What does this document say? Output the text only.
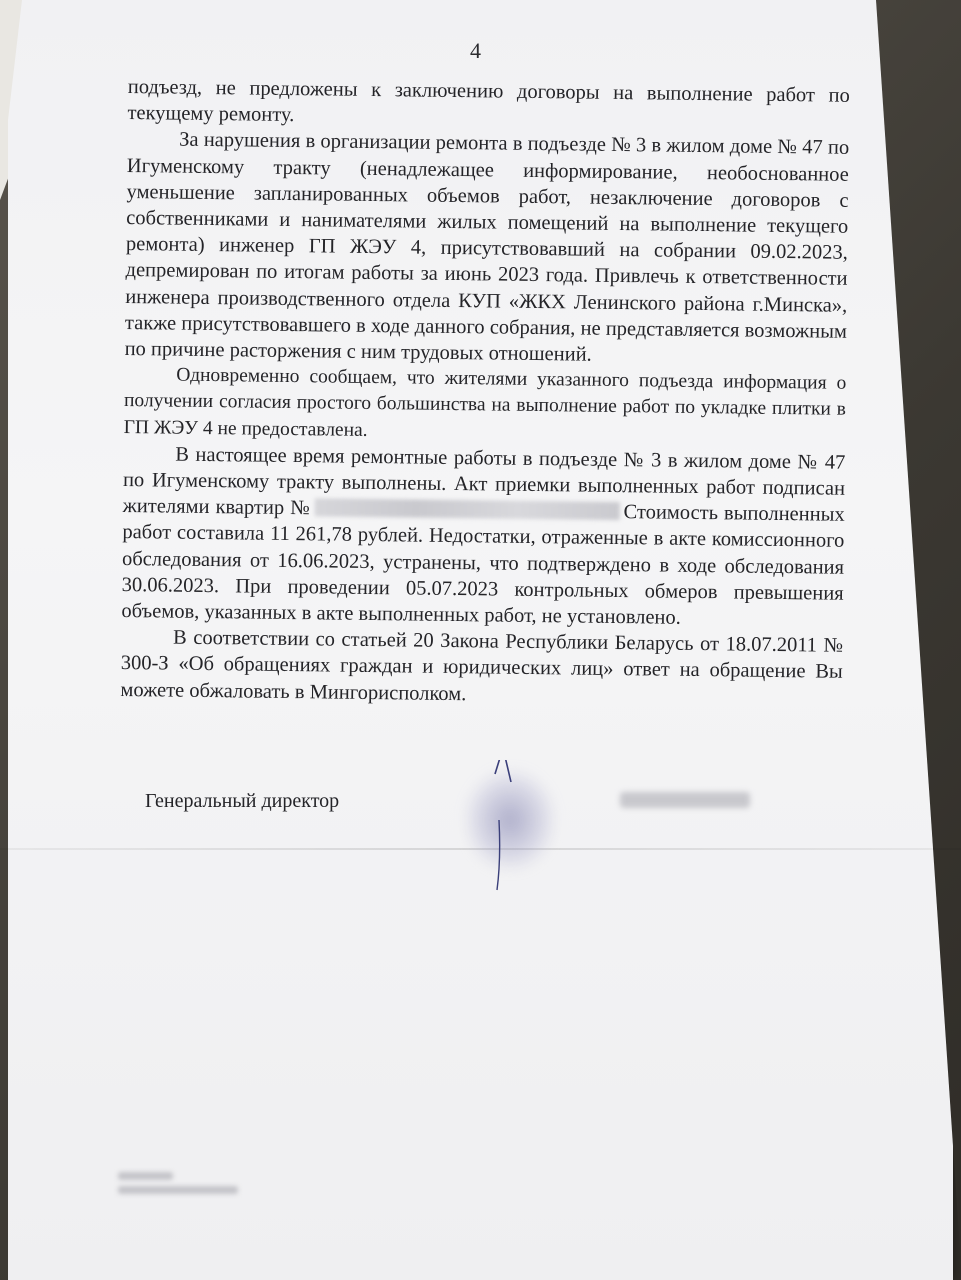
4

подъезд, не предложены к заключению договоры на выполнение работ по текущему ремонту.

За нарушения в организации ремонта в подъезде № 3 в жилом доме № 47 по Игуменскому тракту (ненадлежащее информирование, необоснованное уменьшение запланированных объемов работ, незаключение договоров с собственниками и нанимателями жилых помещений на выполнение текущего ремонта) инженер ГП ЖЭУ 4, присутствовавший на собрании 09.02.2023, депремирован по итогам работы за июнь 2023 года. Привлечь к ответственности инженера производственного отдела КУП «ЖКХ Ленинского района г.Минска», также присутствовавшего в ходе данного собрания, не представляется возможным по причине расторжения с ним трудовых отношений.

Одновременно сообщаем, что жителями указанного подъезда информация о получении согласия простого большинства на выполнение работ по укладке плитки в ГП ЖЭУ 4 не предоставлена.

В настоящее время ремонтные работы в подъезде № 3 в жилом доме № 47 по Игуменскому тракту выполнены. Акт приемки выполненных работ подписан жителями квартир №	Стоимость выполненных работ составила 11 261,78 рублей. Недостатки, отраженные в акте комиссионного обследования от 16.06.2023, устранены, что подтверждено в ходе обследования 30.06.2023. При проведении 05.07.2023 контрольных обмеров превышения объемов, указанных в акте выполненных работ, не установлено.

В соответствии со статьей 20 Закона Республики Беларусь от 18.07.2011 № 300-З «Об обращениях граждан и юридических лиц» ответ на обращение Вы можете обжаловать в Мингорисполком.

Генеральный директор
